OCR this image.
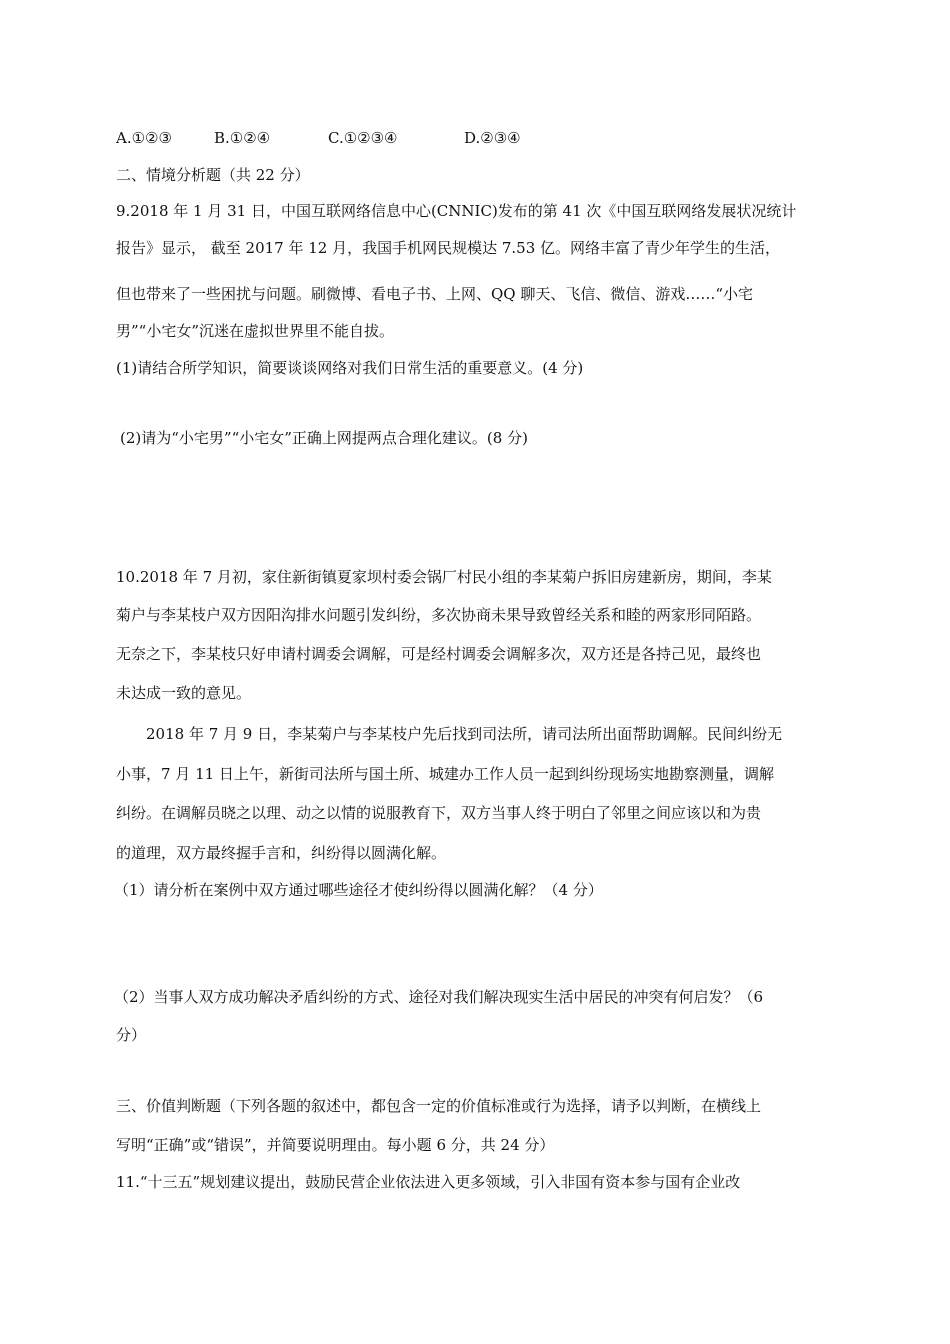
A.①②③	B.①②④	C.①②③④	D.②③④
二、情境分析题（共 22 分）
9.2018 年 1 月 31 日，中国互联网络信息中心(CNNIC)发布的第 41 次《中国互联网络发展状况统计
报告》显示， 截至 2017 年 12 月，我国手机网民规模达 7.53 亿。网络丰富了青少年学生的生活，
但也带来了一些困扰与问题。刷微博、看电子书、上网、QQ 聊天、飞信、微信、游戏……“小宅
男”“小宅女”沉迷在虚拟世界里不能自拔。
(1)请结合所学知识，简要谈谈网络对我们日常生活的重要意义。(4 分)
(2)请为“小宅男”“小宅女”正确上网提两点合理化建议。(8 分)
10.2018 年 7 月初，家住新街镇夏家坝村委会锅厂村民小组的李某菊户拆旧房建新房，期间，李某
菊户与李某枝户双方因阳沟排水问题引发纠纷，多次协商未果导致曾经关系和睦的两家形同陌路。
无奈之下，李某枝只好申请村调委会调解，可是经村调委会调解多次，双方还是各持己见，最终也
未达成一致的意见。
2018 年 7 月 9 日，李某菊户与李某枝户先后找到司法所，请司法所出面帮助调解。民间纠纷无
小事，7 月 11 日上午，新街司法所与国土所、城建办工作人员一起到纠纷现场实地勘察测量，调解
纠纷。在调解员晓之以理、动之以情的说服教育下，双方当事人终于明白了邻里之间应该以和为贵
的道理，双方最终握手言和，纠纷得以圆满化解。
（1）请分析在案例中双方通过哪些途径才使纠纷得以圆满化解？（4 分）
（2）当事人双方成功解决矛盾纠纷的方式、途径对我们解决现实生活中居民的冲突有何启发？（6
分）
三、价值判断题（下列各题的叙述中，都包含一定的价值标准或行为选择，请予以判断，在横线上
写明“正确”或“错误”，并简要说明理由。每小题 6 分，共 24 分）
11.“十三五”规划建议提出，鼓励民营企业依法进入更多领域，引入非国有资本参与国有企业改
